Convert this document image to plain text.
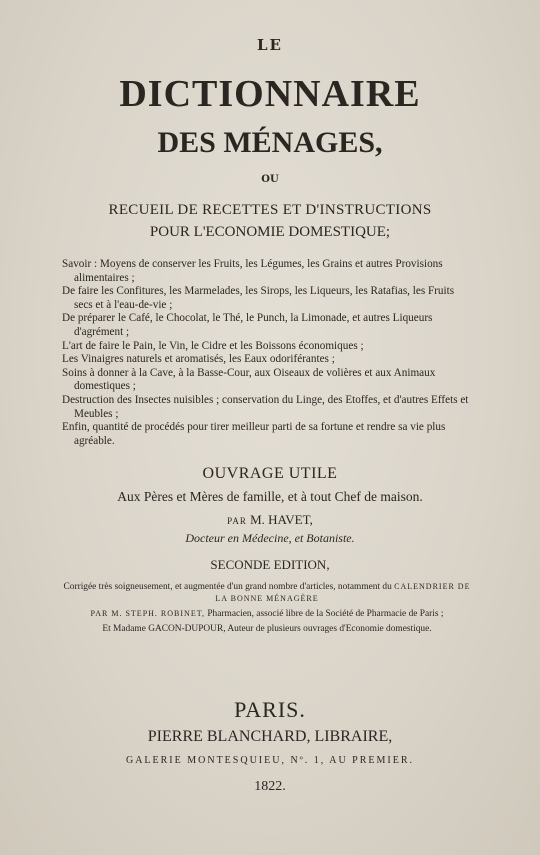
LE
DICTIONNAIRE
DES MÉNAGES,
OU
RECUEIL DE RECETTES ET D'INSTRUCTIONS
POUR L'ECONOMIE DOMESTIQUE;

Savoir : Moyens de conserver les Fruits, les Légumes, les Grains et autres Provisions alimentaires ;

De faire les Confitures, les Marmelades, les Sirops, les Liqueurs, les Ratafias, les Fruits secs et à l'eau-de-vie ;

De préparer le Café, le Chocolat, le Thé, le Punch, la Limonade, et autres Liqueurs d'agrément ;

L'art de faire le Pain, le Vin, le Cidre et les Boissons économiques ;

Les Vinaigres naturels et aromatisés, les Eaux odoriférantes ;

Soins à donner à la Cave, à la Basse-Cour, aux Oiseaux de volières et aux Animaux domestiques ;

Destruction des Insectes nuisibles ; conservation du Linge, des Etoffes, et d'autres Effets et Meubles ;

Enfin, quantité de procédés pour tirer meilleur parti de sa fortune et rendre sa vie plus agréable.

OUVRAGE UTILE
Aux Pères et Mères de famille, et à tout Chef de maison.
PAR M. HAVET,
Docteur en Médecine, et Botaniste.
SECONDE EDITION,

Corrigée très soigneusement, et augmentée d'un grand nombre d'articles, notamment du CALENDRIER DE LA BONNE MÉNAGÈRE

PAR M. STEPH. ROBINET, Pharmacien, associé libre de la Société de Pharmacie de Paris ;

Et Madame GACON-DUPOUR, Auteur de plusieurs ouvrages d'Economie domestique.

PARIS.
PIERRE BLANCHARD, LIBRAIRE,
GALERIE MONTESQUIEU, Nº. 1, AU PREMIER.
1822.
